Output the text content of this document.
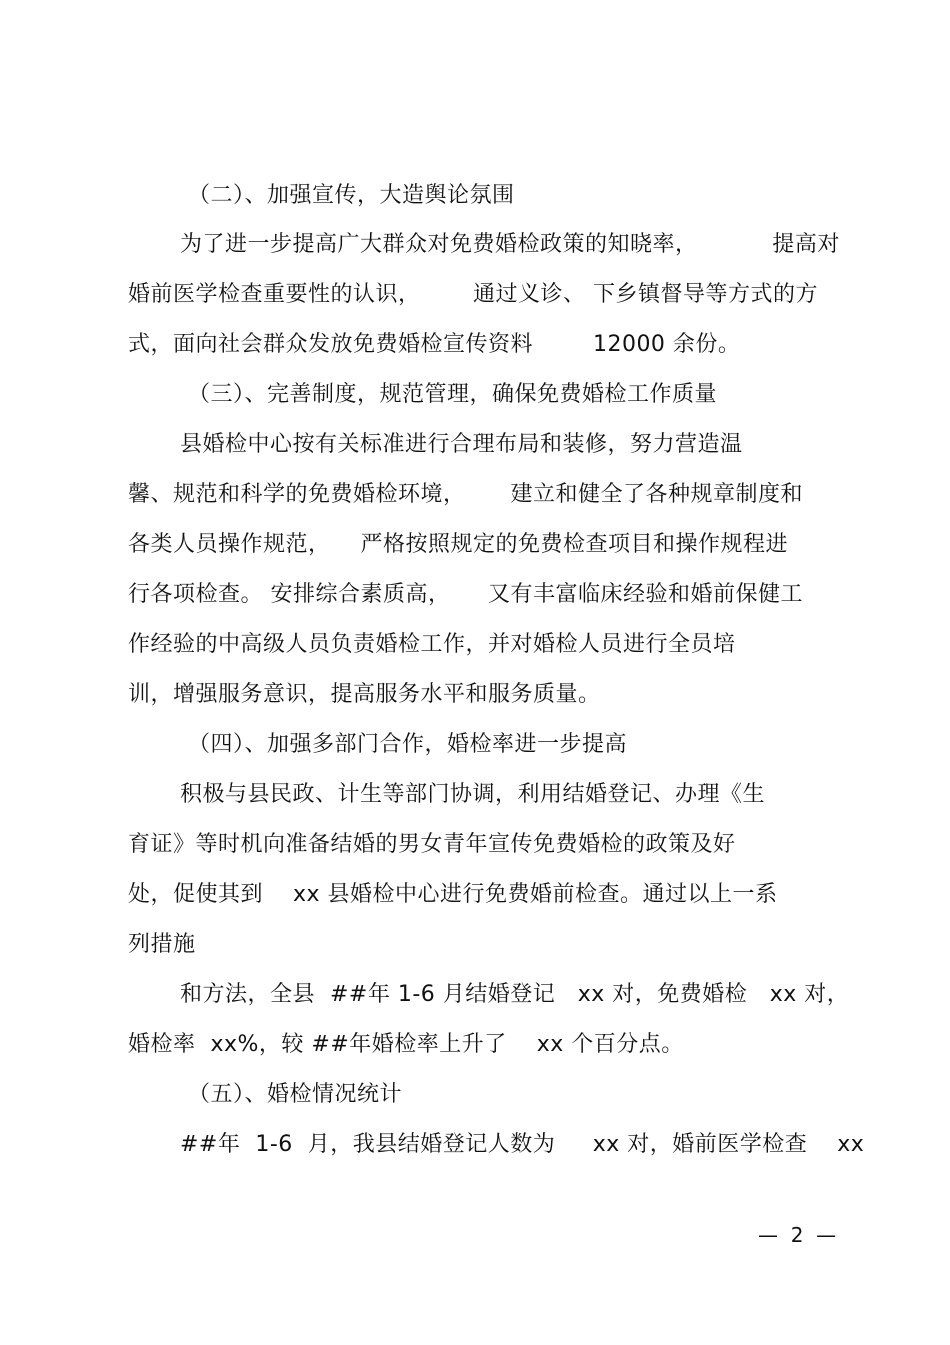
（二）、加强宣传，大造舆论氛围
为了进一步提高广大群众对免费婚检政策的知晓率，          提高对
婚前医学检查重要性的认识，       通过义诊、 下乡镇督导等方式的方
式，面向社会群众发放免费婚检宣传资料        12000 余份。
（三）、完善制度，规范管理，确保免费婚检工作质量
县婚检中心按有关标准进行合理布局和装修，努力营造温
馨、规范和科学的免费婚检环境，      建立和健全了各种规章制度和
各类人员操作规范，    严格按照规定的免费检查项目和操作规程进
行各项检查。 安排综合素质高，     又有丰富临床经验和婚前保健工
作经验的中高级人员负责婚检工作，并对婚检人员进行全员培
训，增强服务意识，提高服务水平和服务质量。
（四）、加强多部门合作，婚检率进一步提高
积极与县民政、计生等部门协调，利用结婚登记、办理《生
育证》等时机向准备结婚的男女青年宣传免费婚检的政策及好
处，促使其到    xx 县婚检中心进行免费婚前检查。通过以上一系
列措施
和方法，全县  ##年 1-6 月结婚登记   xx 对，免费婚检   xx 对，
婚检率  xx%，较 ##年婚检率上升了    xx 个百分点。
（五）、婚检情况统计
##年  1-6  月，我县结婚登记人数为     xx 对，婚前医学检查    xx
—  2  —
